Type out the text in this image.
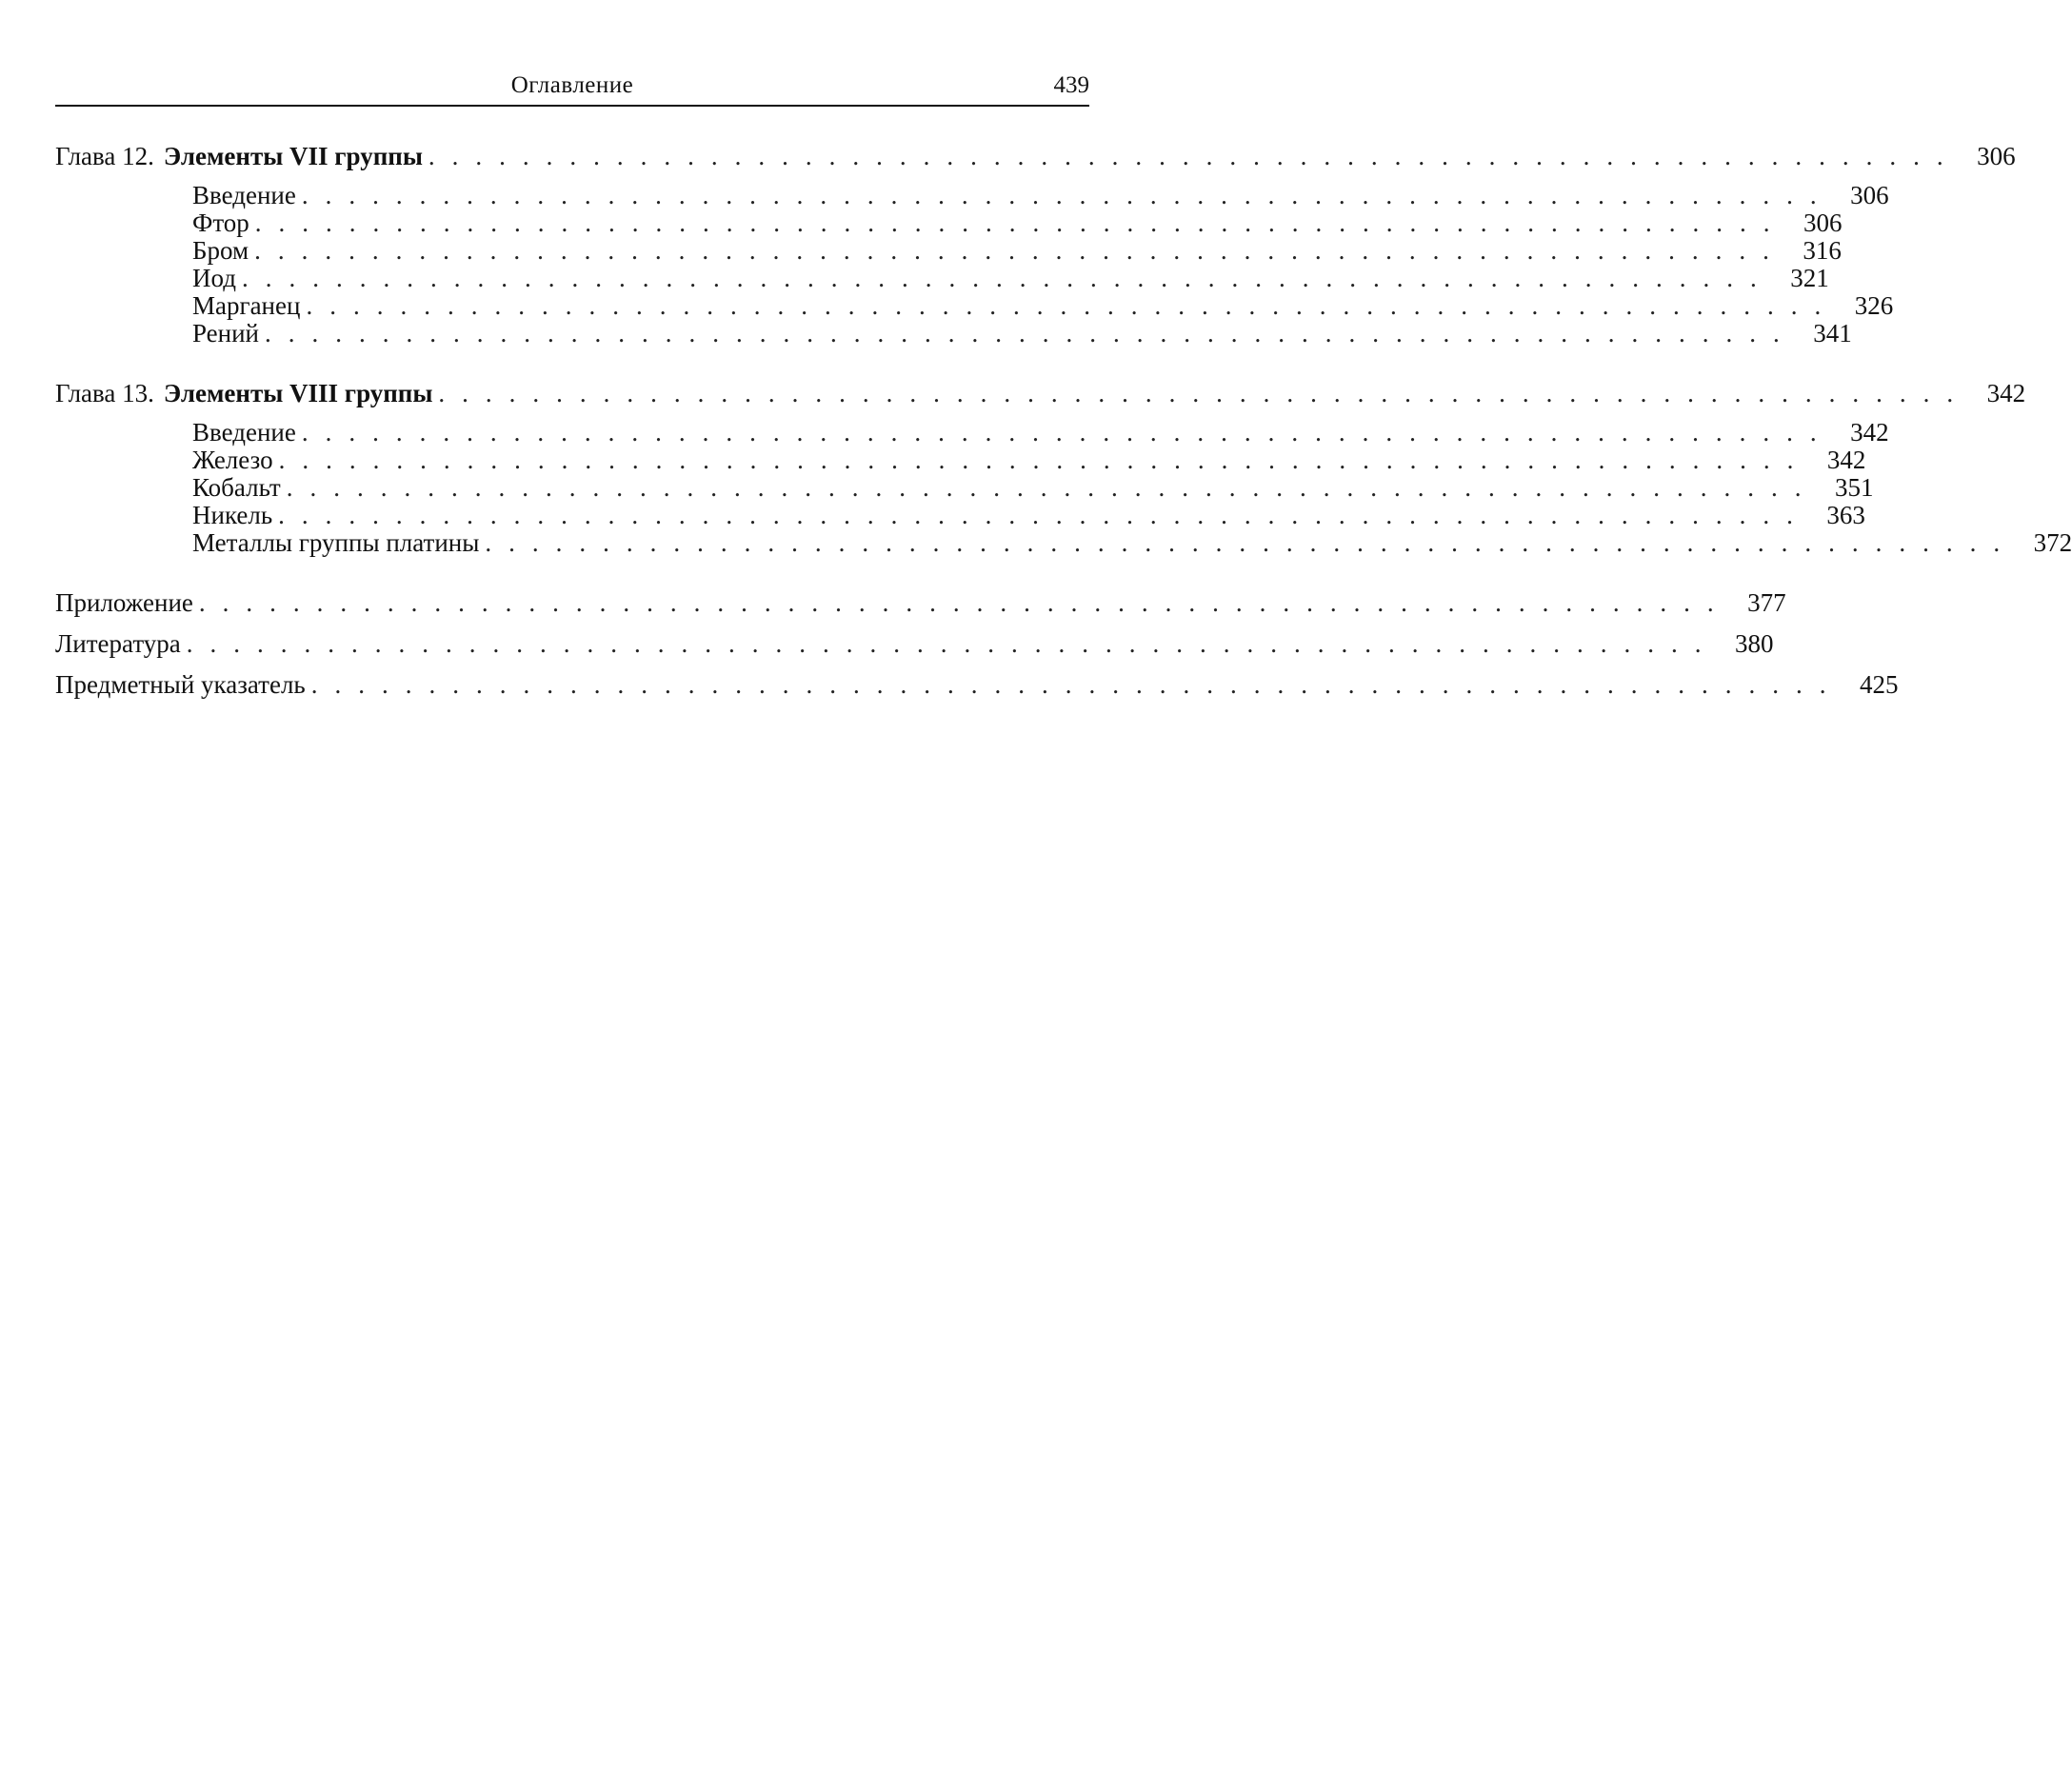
Оглавление	439
Глава 12. Элементы VII группы ................................................................. 306
Введение ................................................................. 306
Фтор ................................................................. 306
Бром ................................................................. 316
Иод ................................................................. 321
Марганец ................................................................. 326
Рений ................................................................. 341
Глава 13. Элементы VIII группы ................................................................. 342
Введение ................................................................. 342
Железо ................................................................. 342
Кобальт ................................................................. 351
Никель ................................................................. 363
Металлы группы платины ................................................................. 372
Приложение ................................................................. 377
Литература ................................................................. 380
Предметный указатель ................................................................. 425
